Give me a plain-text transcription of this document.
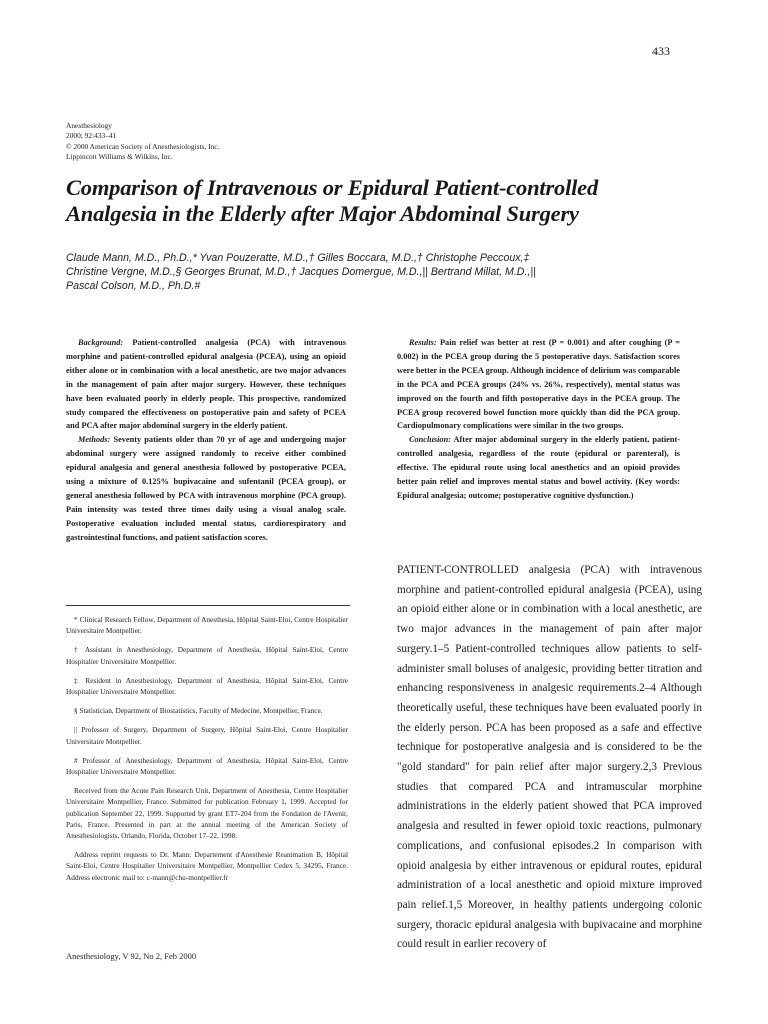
433
Anesthesiology
2000; 92:433–41
© 2000 American Society of Anesthesiologists, Inc.
Lippincott Williams & Wilkins, Inc.
Comparison of Intravenous or Epidural Patient-controlled Analgesia in the Elderly after Major Abdominal Surgery
Claude Mann, M.D., Ph.D.,* Yvan Pouzeratte, M.D.,† Gilles Boccara, M.D.,† Christophe Peccoux,‡
Christine Vergne, M.D.,§ Georges Brunat, M.D.,† Jacques Domergue, M.D.,|| Bertrand Millat, M.D.,||
Pascal Colson, M.D., Ph.D.#

Background: Patient-controlled analgesia (PCA) with intravenous morphine and patient-controlled epidural analgesia (PCEA), using an opioid either alone or in combination with a local anesthetic, are two major advances in the management of pain after major surgery. However, these techniques have been evaluated poorly in elderly people. This prospective, randomized study compared the effectiveness on postoperative pain and safety of PCEA and PCA after major abdominal surgery in the elderly patient.

Methods: Seventy patients older than 70 yr of age and undergoing major abdominal surgery were assigned randomly to receive either combined epidural analgesia and general anesthesia followed by postoperative PCEA, using a mixture of 0.125% bupivacaine and sufentanil (PCEA group), or general anesthesia followed by PCA with intravenous morphine (PCA group). Pain intensity was tested three times daily using a visual analog scale. Postoperative evaluation included mental status, cardiorespiratory and gastrointestinal functions, and patient satisfaction scores.

Results: Pain relief was better at rest (P = 0.001) and after coughing (P = 0.002) in the PCEA group during the 5 postoperative days. Satisfaction scores were better in the PCEA group. Although incidence of delirium was comparable in the PCA and PCEA groups (24% vs. 26%, respectively), mental status was improved on the fourth and fifth postoperative days in the PCEA group. The PCEA group recovered bowel function more quickly than did the PCA group. Cardiopulmonary complications were similar in the two groups.

Conclusion: After major abdominal surgery in the elderly patient, patient-controlled analgesia, regardless of the route (epidural or parenteral), is effective. The epidural route using local anesthetics and an opioid provides better pain relief and improves mental status and bowel activity. (Key words: Epidural analgesia; outcome; postoperative cognitive dysfunction.)

* Clinical Research Fellow, Department of Anesthesia, Hôpital Saint-Eloi, Centre Hospitalier Universitaire Montpellier.

† Assistant in Anesthesiology, Department of Anesthesia, Hôpital Saint-Eloi, Centre Hospitalier Universitaire Montpellier.

‡ Resident in Anesthesiology, Department of Anesthesia, Hôpital Saint-Eloi, Centre Hospitalier Universitaire Montpellier.

§ Statistician, Department of Biostatistics, Faculty of Medecine, Montpellier, France.

|| Professor of Surgery, Department of Surgery, Hôpital Saint-Eloi, Centre Hospitalier Universitaire Montpellier.

# Professor of Anesthesiology, Department of Anesthesia, Hôpital Saint-Eloi, Centre Hospitalier Universitaire Montpellier.

Received from the Acute Pain Research Unit, Department of Anesthesia, Centre Hospitalier Universitaire Montpellier, France. Submitted for publication February 1, 1999. Accepted for publication September 22, 1999. Supported by grant ET7-204 from the Fondation de l'Avenir, Paris, France. Presented in part at the annual meeting of the American Society of Anesthesiologists, Orlando, Florida, October 17–22, 1998.

Address reprint requests to Dr. Mann: Departement d'Anesthesie Reanimation B, Hôpital Saint-Eloi, Centre Hospitalier Universitaire Montpellier, Montpellier Cedex 5, 34295, France. Address electronic mail to: c-mann@chu-montpellier.fr

PATIENT-CONTROLLED analgesia (PCA) with intravenous morphine and patient-controlled epidural analgesia (PCEA), using an opioid either alone or in combination with a local anesthetic, are two major advances in the management of pain after major surgery.1–5 Patient-controlled techniques allow patients to self-administer small boluses of analgesic, providing better titration and enhancing responsiveness in analgesic requirements.2–4 Although theoretically useful, these techniques have been evaluated poorly in the elderly person. PCA has been proposed as a safe and effective technique for postoperative analgesia and is considered to be the "gold standard" for pain relief after major surgery.2,3 Previous studies that compared PCA and intramuscular morphine administrations in the elderly patient showed that PCA improved analgesia and resulted in fewer opioid toxic reactions, pulmonary complications, and confusional episodes.2 In comparison with opioid analgesia by either intravenous or epidural routes, epidural administration of a local anesthetic and opioid mixture improved pain relief.1,5 Moreover, in healthy patients undergoing colonic surgery, thoracic epidural analgesia with bupivacaine and morphine could result in earlier recovery of

Anesthesiology, V 92, No 2, Feb 2000
